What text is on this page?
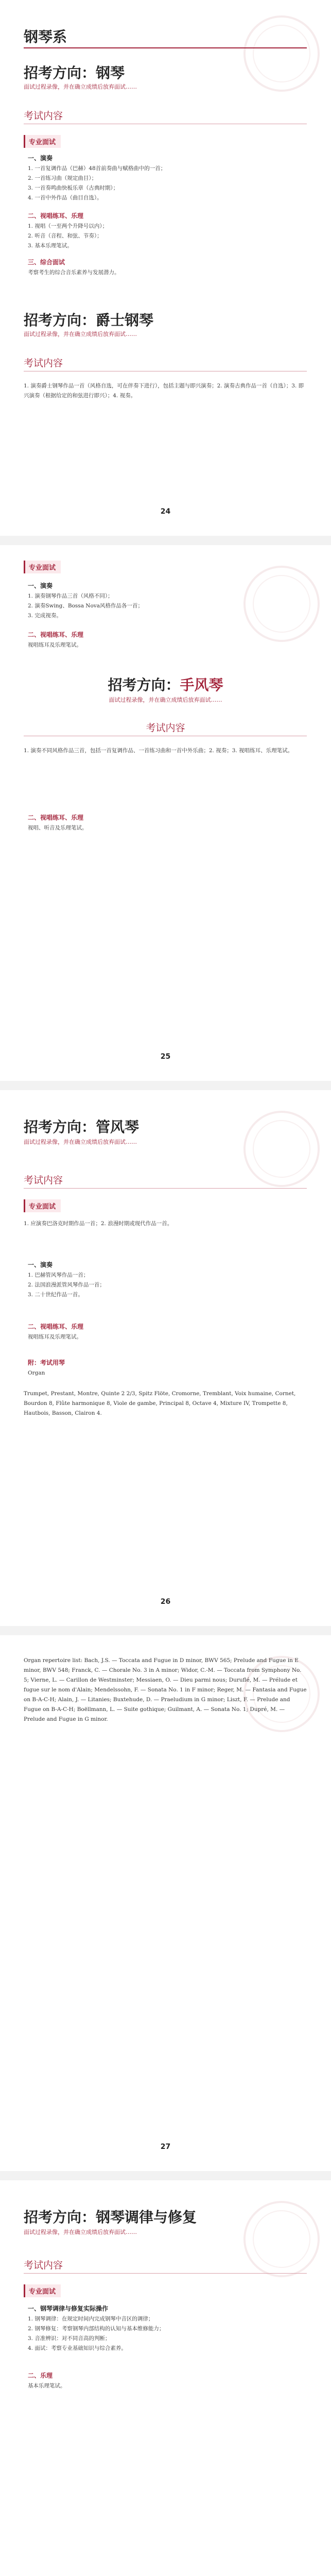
钢琴系
招考方向：钢琴
面试过程录像，并在确立成绩后放弃面试……
考试内容
专业面试
一、演奏

1. 一首复调作品（巴赫）48首前奏曲与赋格曲中的一首；

2. 一首练习曲（规定曲目）；

3. 一首奏鸣曲快板乐章（古典时期）；

4. 一首中外作品（曲目自选）。

二、视唱练耳、乐理

1. 视唱（一至两个升降号以内）；

2. 听音（音程、和弦、节奏）；

3. 基本乐理笔试。

三、综合面试
考察考生的综合音乐素养与发展潜力。
招考方向：爵士钢琴
面试过程录像，并在确立成绩后放弃面试……
考试内容
1. 演奏爵士钢琴作品一首（风格自选，可在伴奏下进行），包括主题与即兴演奏；2. 演奏古典作品一首（自选）；3. 即兴演奏（根据给定的和弦进行即兴）；4. 视奏。
24
专业面试
一、演奏

1. 演奏钢琴作品三首（风格不同）；

2. 演奏Swing、Bossa Nova风格作品各一首；

3. 完成视奏。

二、视唱练耳、乐理
视唱练耳及乐理笔试。
招考方向：手风琴
面试过程录像，并在确立成绩后放弃面试……
考试内容
1. 演奏不同风格作品三首，包括一首复调作品、一首练习曲和一首中外乐曲；2. 视奏；3. 视唱练耳、乐理笔试。
二、视唱练耳、乐理
视唱、听音及乐理笔试。
25
招考方向：管风琴
面试过程录像，并在确立成绩后放弃面试……
考试内容
专业面试
1. 应演奏巴洛克时期作品一首；2. 浪漫时期或现代作品一首。
一、演奏

1. 巴赫管风琴作品一首；

2. 法国浪漫派管风琴作品一首；

3. 二十世纪作品一首。

二、视唱练耳、乐理
视唱练耳及乐理笔试。
附：考试用琴
Organ
Trumpet, Prestant, Montre, Quinte 2 2/3, Spitz Flöte, Cromorne, Tremblant, Voix humaine, Cornet, Bourdon 8, Flûte harmonique 8, Viole de gambe, Principal 8, Octave 4, Mixture IV, Trompette 8, Hautbois, Basson, Clairon 4.
26
Organ repertoire list: Bach, J.S. — Toccata and Fugue in D minor, BWV 565; Prelude and Fugue in E minor, BWV 548; Franck, C. — Chorale No. 3 in A minor; Widor, C.-M. — Toccata from Symphony No. 5; Vierne, L. — Carillon de Westminster; Messiaen, O. — Dieu parmi nous; Duruflé, M. — Prélude et fugue sur le nom d'Alain; Mendelssohn, F. — Sonata No. 1 in F minor; Reger, M. — Fantasia and Fugue on B-A-C-H; Alain, J. — Litanies; Buxtehude, D. — Praeludium in G minor; Liszt, F. — Prelude and Fugue on B-A-C-H; Boëllmann, L. — Suite gothique; Guilmant, A. — Sonata No. 1; Dupré, M. — Prelude and Fugue in G minor.
27
招考方向：钢琴调律与修复
面试过程录像，并在确立成绩后放弃面试……
考试内容
专业面试
一、钢琴调律与修复实际操作

1. 钢琴调律：在规定时间内完成钢琴中音区的调律；

2. 钢琴修复：考察钢琴内部结构的认知与基本维修能力；

3. 音准辨识：对不同音高的判断；

4. 面试：考察专业基础知识与综合素养。

二、乐理
基本乐理笔试。
